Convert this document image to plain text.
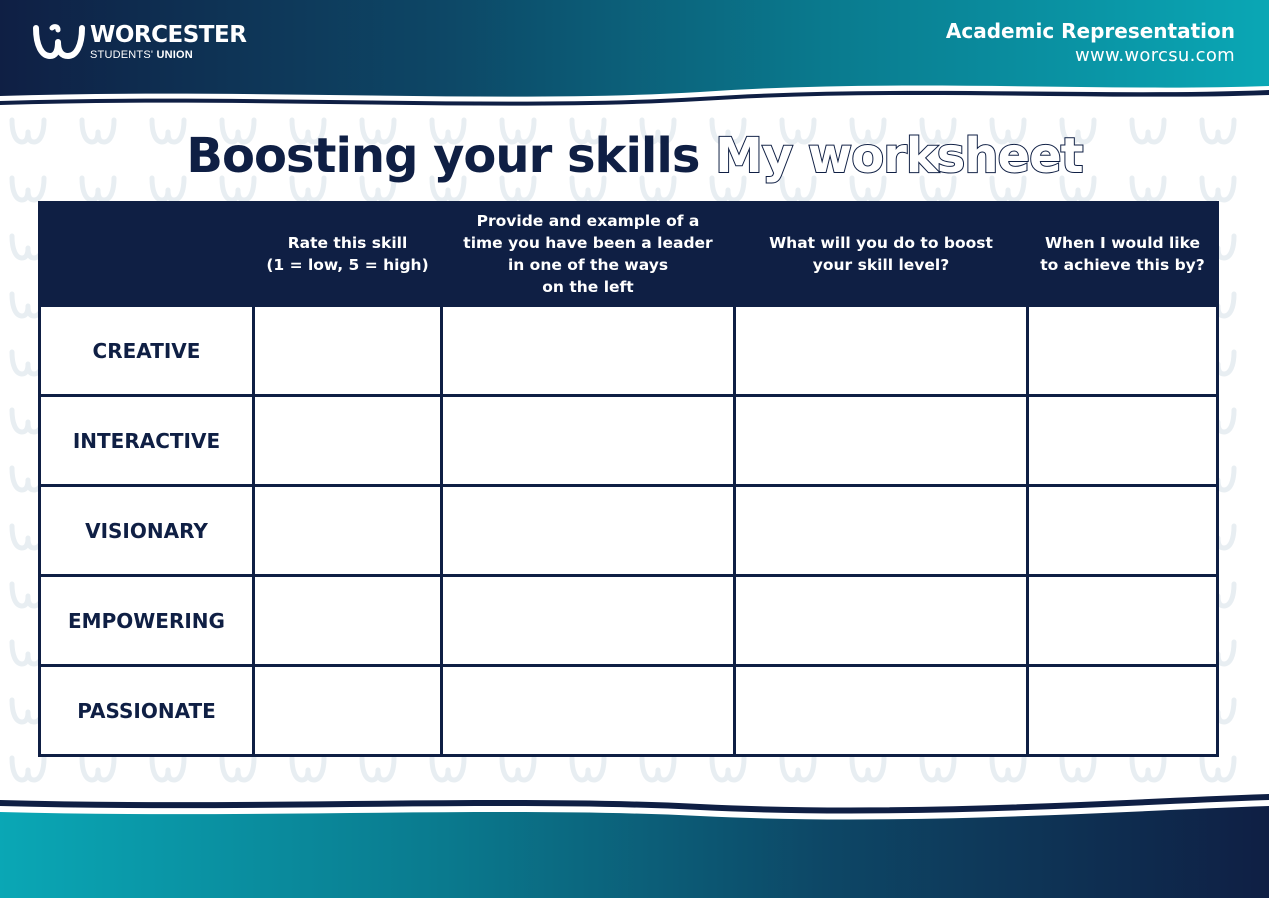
WORCESTER
STUDENTS' UNION
Academic Representation
www.worcsu.com
Boosting your skills My worksheet
	Rate this skill
(1 = low, 5 = high)	Provide and example of a
time you have been a leader
in one of the ways
on the left	What will you do to boost
your skill level?	When I would like
to achieve this by?
CREATIVE				
INTERACTIVE				
VISIONARY				
EMPOWERING				
PASSIONATE				
